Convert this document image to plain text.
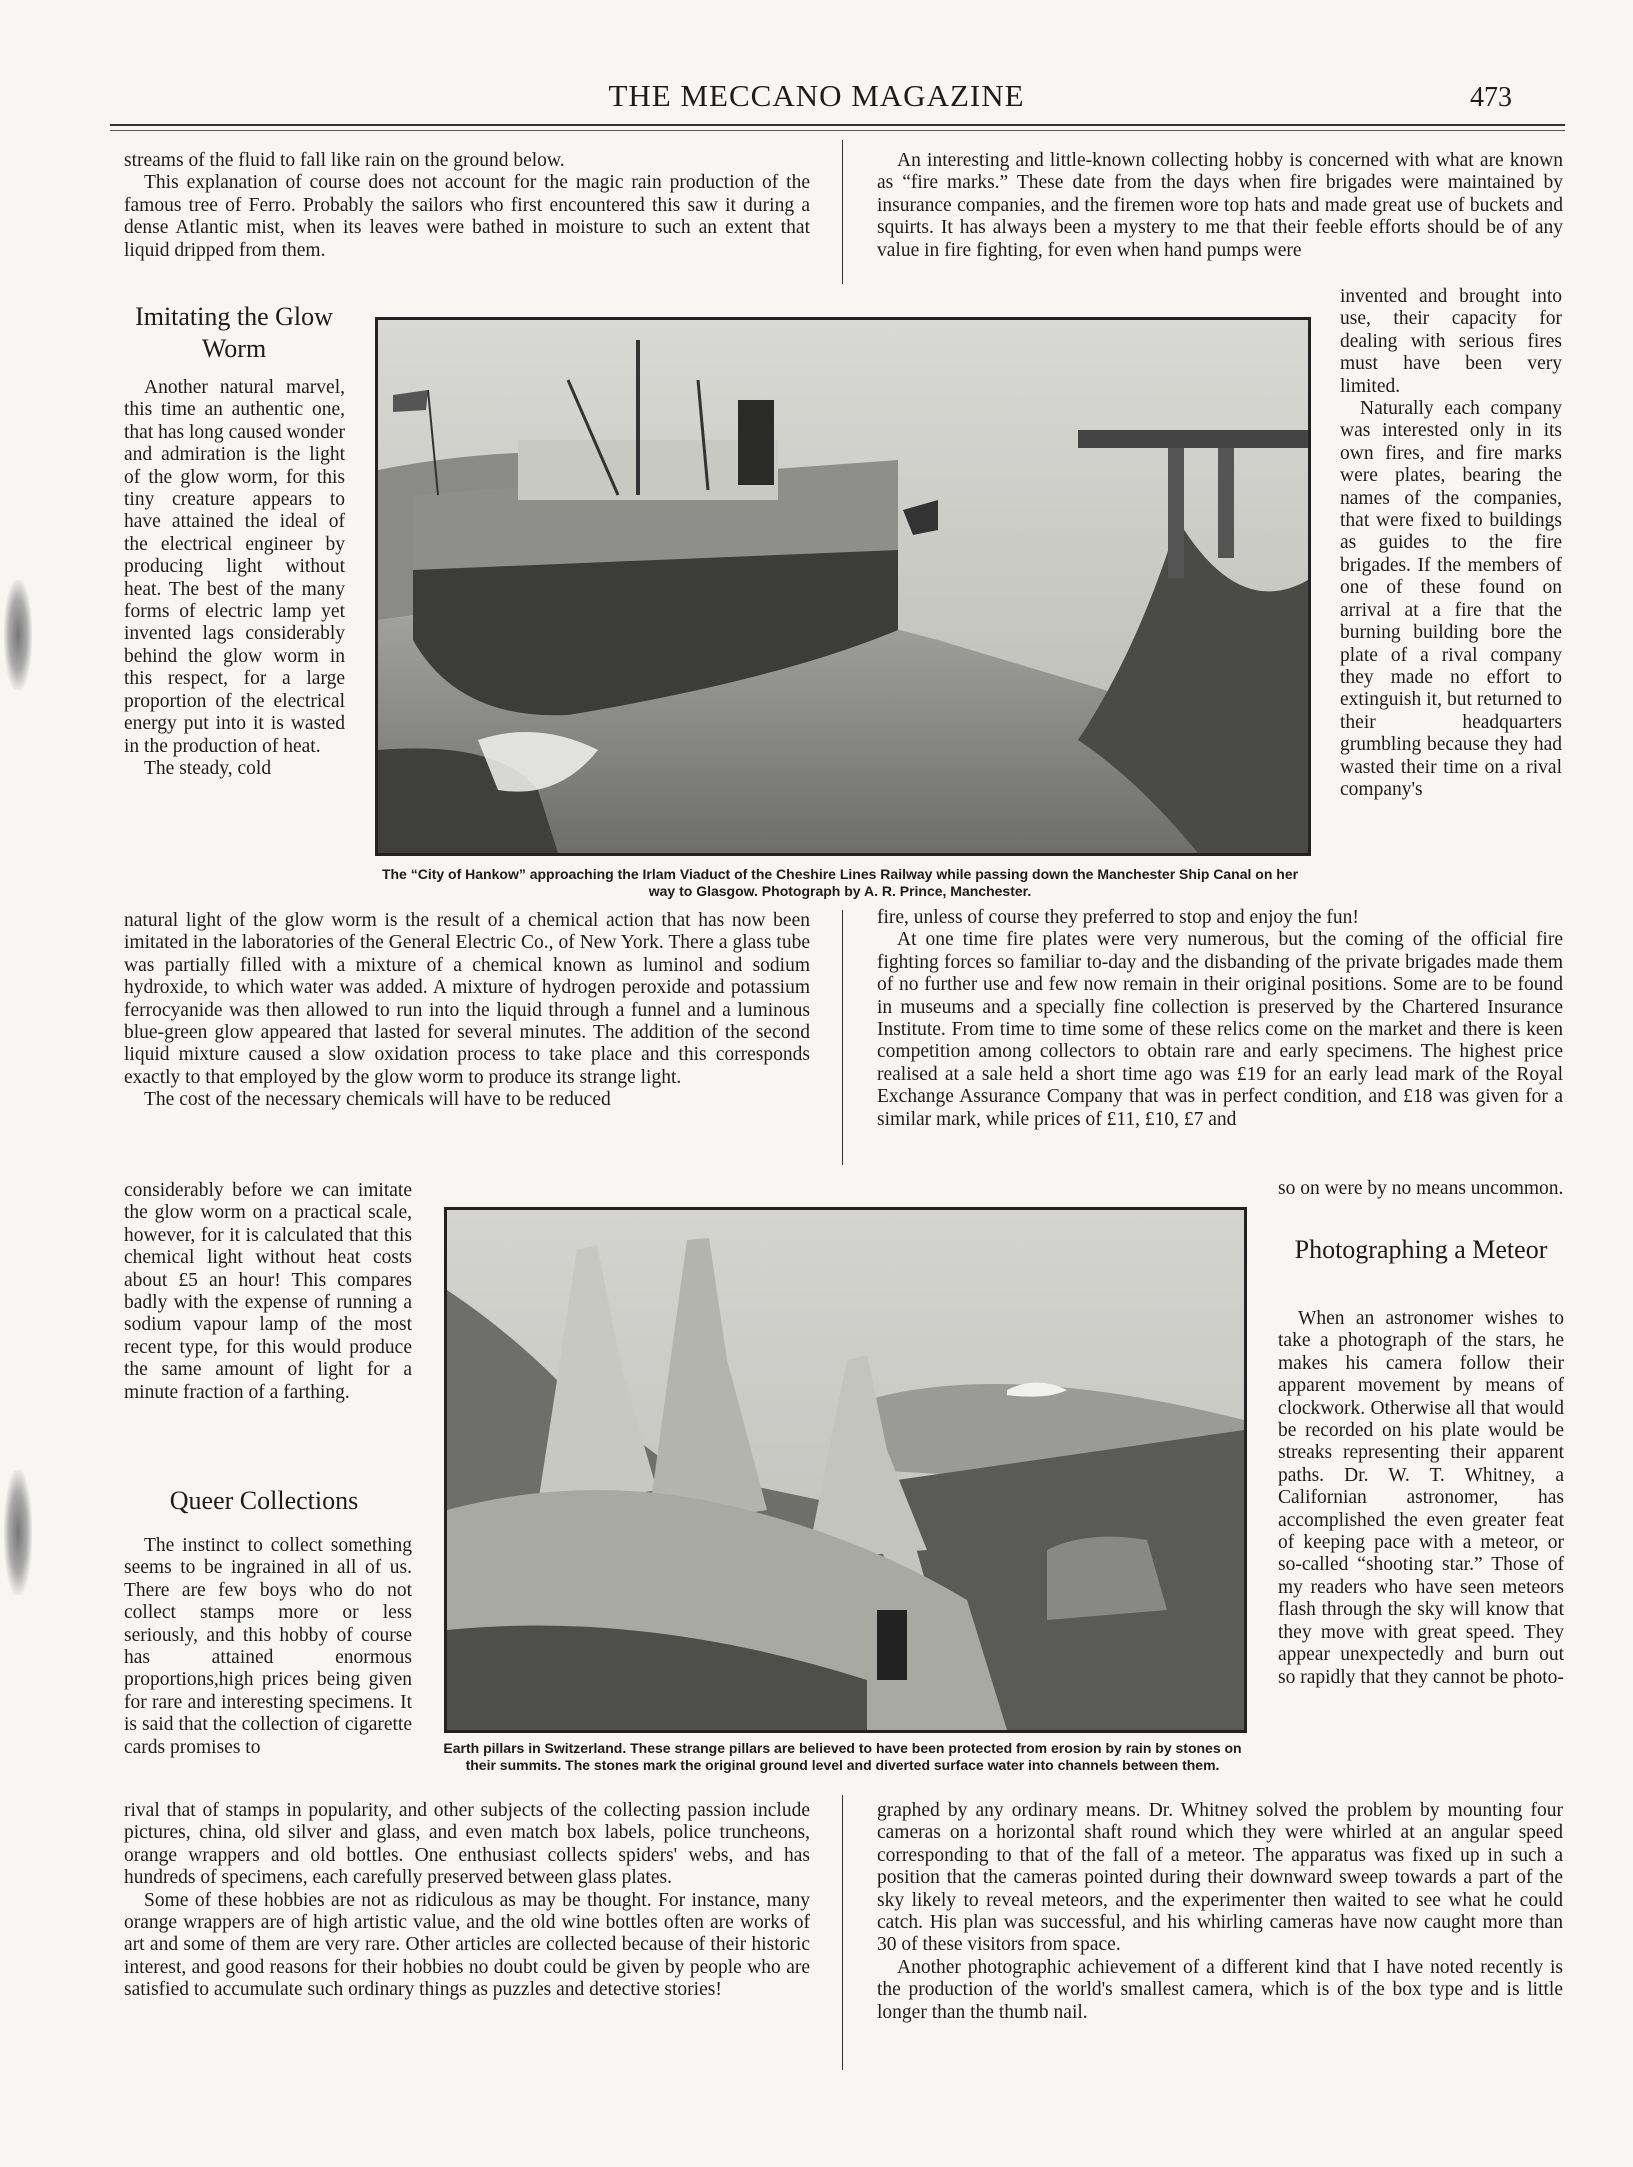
THE MECCANO MAGAZINE	473

streams of the fluid to fall like rain on the ground below.

This explanation of course does not account for the magic rain production of the famous tree of Ferro. Probably the sailors who first encountered this saw it during a dense Atlantic mist, when its leaves were bathed in moisture to such an extent that liquid dripped from them.

Imitating the Glow Worm

Another natural marvel, this time an authentic one, that has long caused wonder and admiration is the light of the glow worm, for this tiny creature appears to have attained the ideal of the electrical engineer by producing light without heat. The best of the many forms of electric lamp yet invented lags considerably behind the glow worm in this respect, for a large proportion of the electrical energy put into it is wasted in the production of heat.

The steady, cold

natural light of the glow worm is the result of a chemical action that has now been imitated in the laboratories of the General Electric Co., of New York. There a glass tube was partially filled with a mixture of a chemical known as luminol and sodium hydroxide, to which water was added. A mixture of hydrogen peroxide and potassium ferrocyanide was then allowed to run into the liquid through a funnel and a luminous blue-green glow appeared that lasted for several minutes. The addition of the second liquid mixture caused a slow oxidation process to take place and this corresponds exactly to that employed by the glow worm to produce its strange light.

The cost of the necessary chemicals will have to be reduced

considerably before we can imitate the glow worm on a practical scale, however, for it is calculated that this chemical light without heat costs about £5 an hour! This compares badly with the expense of running a sodium vapour lamp of the most recent type, for this would produce the same amount of light for a minute fraction of a farthing.

Queer Collections

The instinct to collect something seems to be ingrained in all of us. There are few boys who do not collect stamps more or less seriously, and this hobby of course has attained enormous proportions,high prices being given for rare and interesting specimens. It is said that the collection of cigarette cards promises to

rival that of stamps in popularity, and other subjects of the collecting passion include pictures, china, old silver and glass, and even match box labels, police truncheons, orange wrappers and old bottles. One enthusiast collects spiders' webs, and has hundreds of specimens, each carefully preserved between glass plates.

Some of these hobbies are not as ridiculous as may be thought. For instance, many orange wrappers are of high artistic value, and the old wine bottles often are works of art and some of them are very rare. Other articles are collected because of their historic interest, and good reasons for their hobbies no doubt could be given by people who are satisfied to accumulate such ordinary things as puzzles and detective stories!

An interesting and little-known collecting hobby is concerned with what are known as “fire marks.” These date from the days when fire brigades were maintained by insurance companies, and the firemen wore top hats and made great use of buckets and squirts. It has always been a mystery to me that their feeble efforts should be of any value in fire fighting, for even when hand pumps were

invented and brought into use, their capacity for dealing with serious fires must have been very limited.

Naturally each company was interested only in its own fires, and fire marks were plates, bearing the names of the companies, that were fixed to buildings as guides to the fire brigades. If the members of one of these found on arrival at a fire that the burning building bore the plate of a rival company they made no effort to extinguish it, but returned to their headquarters grumbling because they had wasted their time on a rival company's

fire, unless of course they preferred to stop and enjoy the fun!

At one time fire plates were very numerous, but the coming of the official fire fighting forces so familiar to-day and the disbanding of the private brigades made them of no further use and few now remain in their original positions. Some are to be found in museums and a specially fine collection is preserved by the Chartered Insurance Institute. From time to time some of these relics come on the market and there is keen competition among collectors to obtain rare and early specimens. The highest price realised at a sale held a short time ago was £19 for an early lead mark of the Royal Exchange Assurance Company that was in perfect condition, and £18 was given for a similar mark, while prices of £11, £10, £7 and

so on were by no means uncommon.

Photographing a Meteor

When an astronomer wishes to take a photograph of the stars, he makes his camera follow their apparent movement by means of clockwork. Otherwise all that would be recorded on his plate would be streaks representing their apparent paths. Dr. W. T. Whitney, a Californian astronomer, has accomplished the even greater feat of keeping pace with a meteor, or so-called “shooting star.” Those of my readers who have seen meteors flash through the sky will know that they move with great speed. They appear unexpectedly and burn out so rapidly that they cannot be photo-

graphed by any ordinary means. Dr. Whitney solved the problem by mounting four cameras on a horizontal shaft round which they were whirled at an angular speed corresponding to that of the fall of a meteor. The apparatus was fixed up in such a position that the cameras pointed during their downward sweep towards a part of the sky likely to reveal meteors, and the experimenter then waited to see what he could catch. His plan was successful, and his whirling cameras have now caught more than 30 of these visitors from space.

Another photographic achievement of a different kind that I have noted recently is the production of the world's smallest camera, which is of the box type and is little longer than the thumb nail.

The “City of Hankow” approaching the Irlam Viaduct of the Cheshire Lines Railway while passing down the Manchester Ship Canal on her way to Glasgow. Photograph by A. R. Prince, Manchester.
Earth pillars in Switzerland. These strange pillars are believed to have been protected from erosion by rain by stones on their summits. The stones mark the original ground level and diverted surface water into channels between them.
